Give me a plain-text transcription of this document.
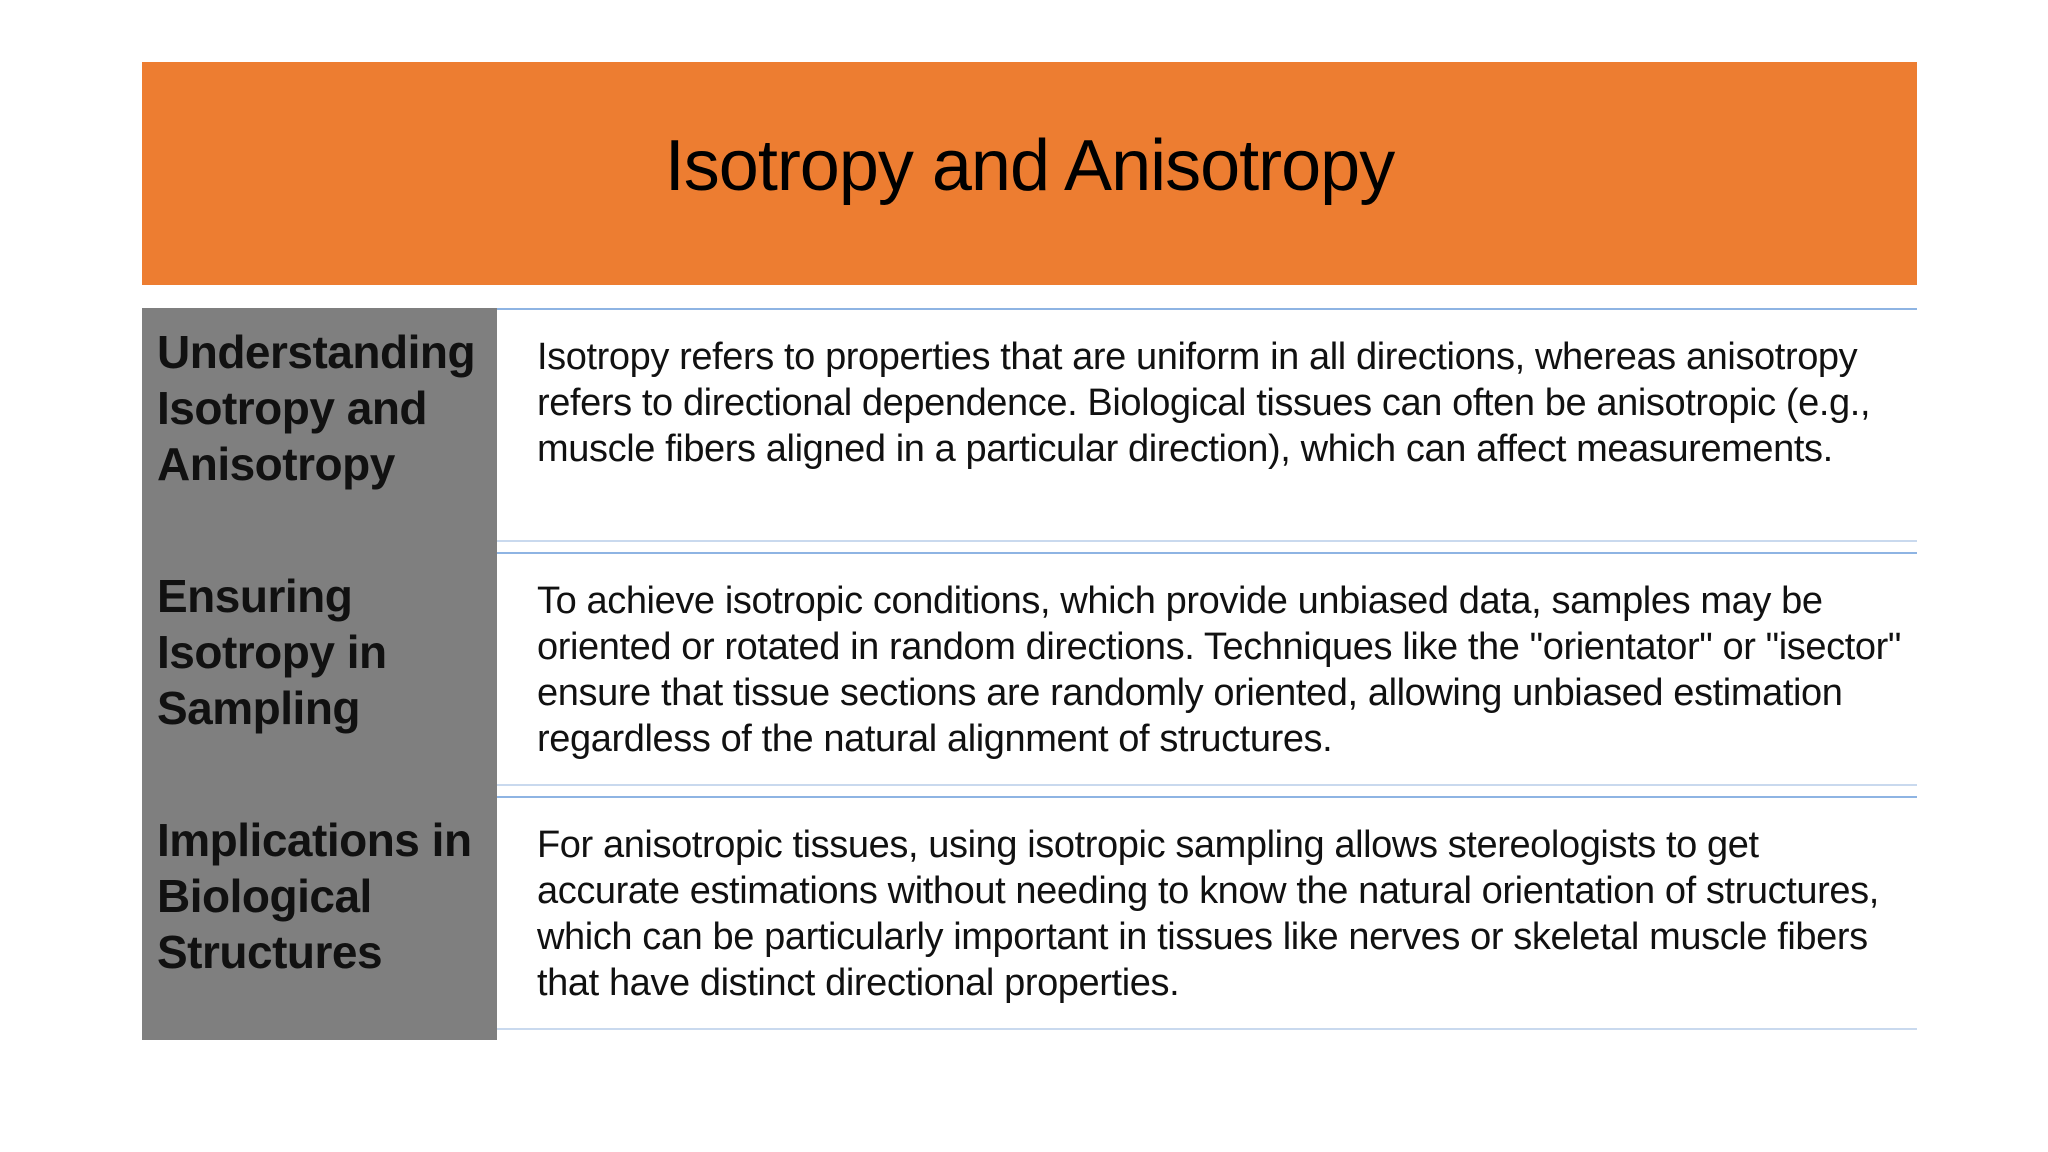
Isotropy and Anisotropy
Understanding Isotropy and Anisotropy
Isotropy refers to properties that are uniform in all directions, whereas anisotropy refers to directional dependence. Biological tissues can often be anisotropic (e.g., muscle fibers aligned in a particular direction), which can affect measurements.
Ensuring Isotropy in Sampling
To achieve isotropic conditions, which provide unbiased data, samples may be oriented or rotated in random directions. Techniques like the "orientator" or "isector" ensure that tissue sections are randomly oriented, allowing unbiased estimation regardless of the natural alignment of structures.
Implications in Biological Structures
For anisotropic tissues, using isotropic sampling allows stereologists to get accurate estimations without needing to know the natural orientation of structures, which can be particularly important in tissues like nerves or skeletal muscle fibers that have distinct directional properties.
